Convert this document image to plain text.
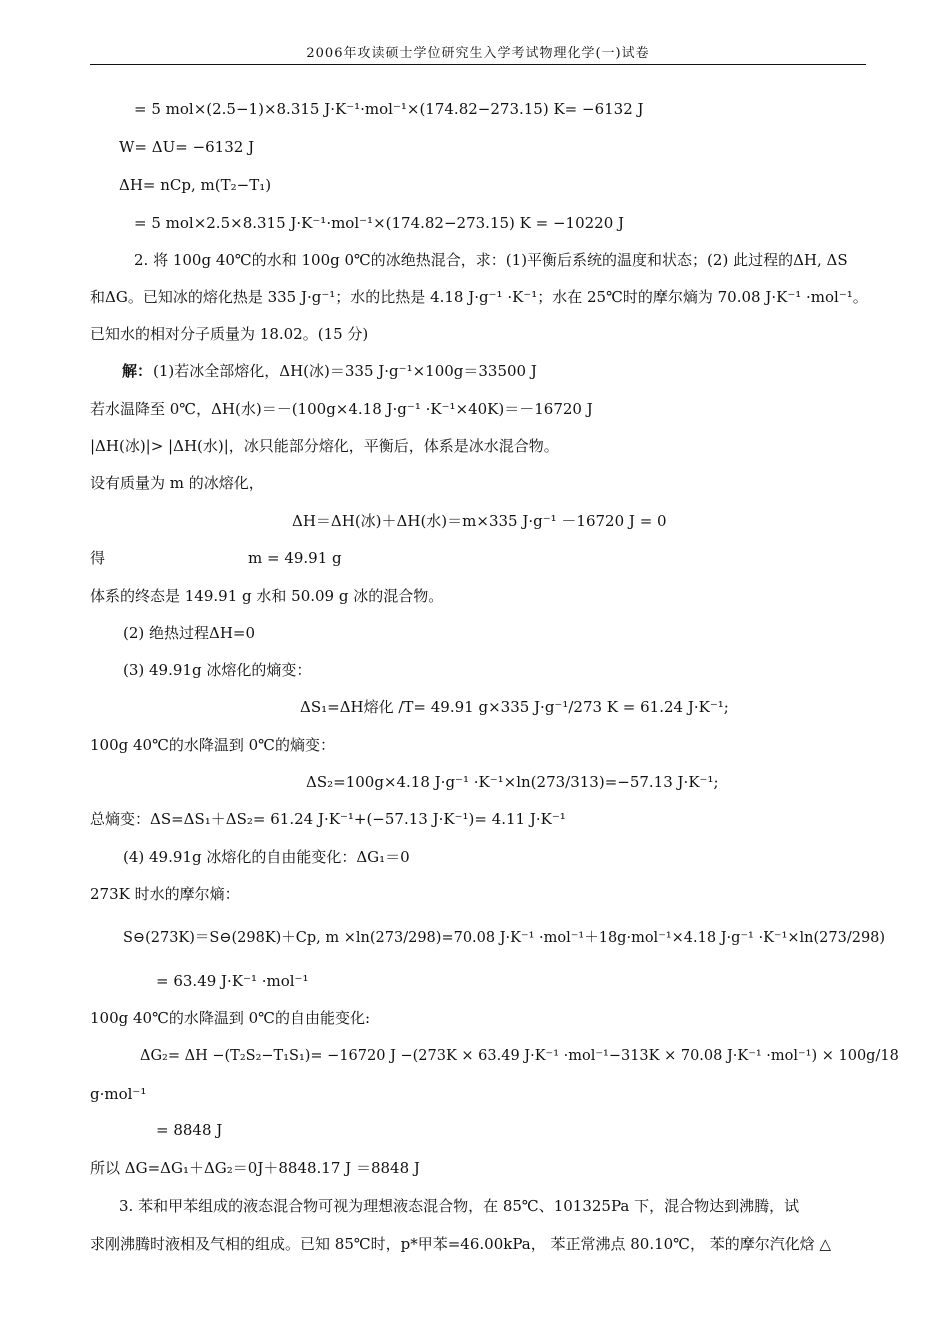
2006年攻读硕士学位研究生入学考试物理化学(一)试卷
= 5 mol×(2.5−1)×8.315 J·K⁻¹·mol⁻¹×(174.82−273.15) K= −6132 J
W= ΔU= −6132 J
ΔH= nCp, m(T₂−T₁)
= 5 mol×2.5×8.315 J·K⁻¹·mol⁻¹×(174.82−273.15) K = −10220 J
2. 将 100g 40℃的水和 100g 0℃的冰绝热混合，求：(1)平衡后系统的温度和状态；(2) 此过程的ΔH, ΔS
和ΔG。已知冰的熔化热是 335 J·g⁻¹；水的比热是 4.18 J·g⁻¹ ·K⁻¹；水在 25℃时的摩尔熵为 70.08 J·K⁻¹ ·mol⁻¹。
已知水的相对分子质量为 18.02。(15 分)
解： (1)若冰全部熔化，ΔH(冰)＝335 J·g⁻¹×100g＝33500 J
若水温降至 0℃，ΔH(水)＝－(100g×4.18 J·g⁻¹ ·K⁻¹×40K)＝－16720 J
|ΔH(冰)|> |ΔH(水)|，冰只能部分熔化，平衡后，体系是冰水混合物。
设有质量为 m 的冰熔化，
ΔH＝ΔH(冰)＋ΔH(水)＝m×335 J·g⁻¹ －16720 J = 0
得	m = 49.91 g
体系的终态是 149.91 g 水和 50.09 g 冰的混合物。
(2) 绝热过程ΔH=0
(3) 49.91g 冰熔化的熵变：
ΔS₁=ΔH熔化 /T= 49.91 g×335 J·g⁻¹/273 K = 61.24 J·K⁻¹;
100g 40℃的水降温到 0℃的熵变：
ΔS₂=100g×4.18 J·g⁻¹ ·K⁻¹×ln(273/313)=−57.13 J·K⁻¹;
总熵变：ΔS=ΔS₁＋ΔS₂= 61.24 J·K⁻¹+(−57.13 J·K⁻¹)= 4.11 J·K⁻¹
(4) 49.91g 冰熔化的自由能变化：ΔG₁＝0
273K 时水的摩尔熵：
S⊖(273K)＝S⊖(298K)＋Cp, m ×ln(273/298)=70.08 J·K⁻¹ ·mol⁻¹＋18g·mol⁻¹×4.18 J·g⁻¹ ·K⁻¹×ln(273/298)
= 63.49 J·K⁻¹ ·mol⁻¹
100g 40℃的水降温到 0℃的自由能变化:
ΔG₂= ΔH −(T₂S₂−T₁S₁)= −16720 J −(273K × 63.49 J·K⁻¹ ·mol⁻¹−313K × 70.08 J·K⁻¹ ·mol⁻¹) × 100g/18
g·mol⁻¹
= 8848 J
所以 ΔG=ΔG₁＋ΔG₂＝0J＋8848.17 J ＝8848 J
3. 苯和甲苯组成的液态混合物可视为理想液态混合物，在 85℃、101325Pa 下，混合物达到沸腾，试
求刚沸腾时液相及气相的组成。已知 85℃时，p*甲苯=46.00kPa， 苯正常沸点 80.10℃， 苯的摩尔汽化焓 △
